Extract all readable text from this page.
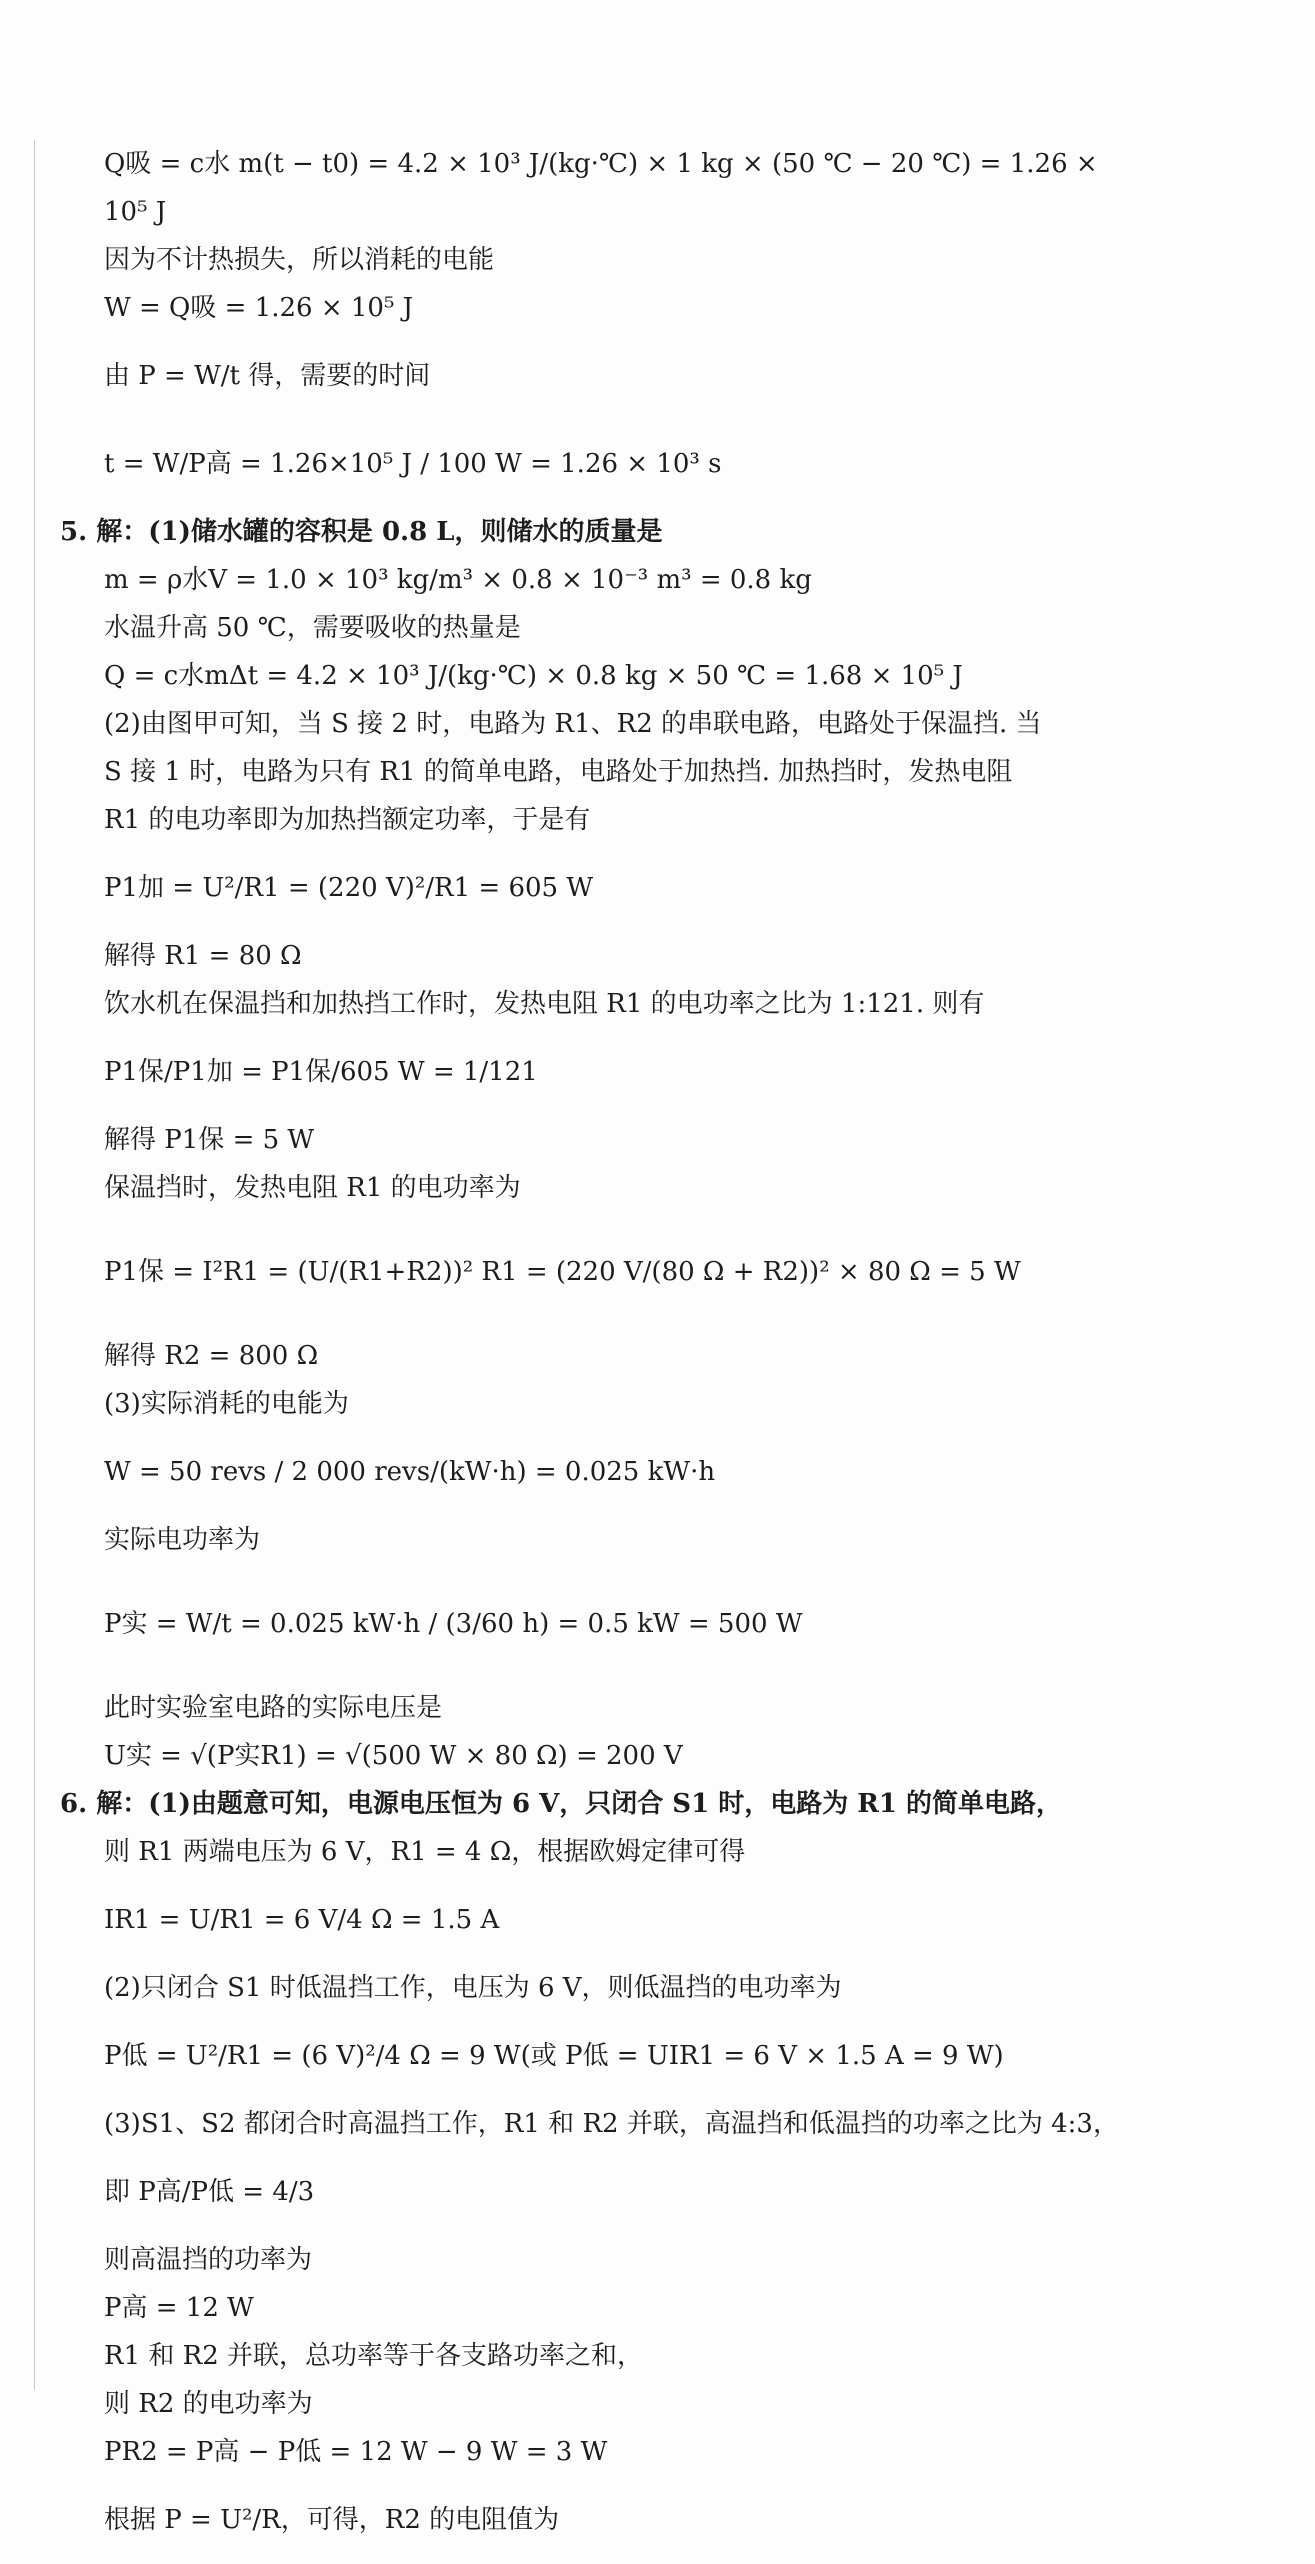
Q吸 = c水 m(t − t0) = 4.2 × 10³ J/(kg·℃) × 1 kg × (50 ℃ − 20 ℃) = 1.26 ×
10⁵ J
因为不计热损失，所以消耗的电能
W = Q吸 = 1.26 × 10⁵ J
由 P = W/t 得，需要的时间
t = W/P高 = 1.26×10⁵ J / 100 W = 1.26 × 10³ s
5. 解：(1)储水罐的容积是 0.8 L，则储水的质量是
m = ρ水V = 1.0 × 10³ kg/m³ × 0.8 × 10⁻³ m³ = 0.8 kg
水温升高 50 ℃，需要吸收的热量是
Q = c水mΔt = 4.2 × 10³ J/(kg·℃) × 0.8 kg × 50 ℃ = 1.68 × 10⁵ J
(2)由图甲可知，当 S 接 2 时，电路为 R1、R2 的串联电路，电路处于保温挡. 当
S 接 1 时，电路为只有 R1 的简单电路，电路处于加热挡. 加热挡时，发热电阻
R1 的电功率即为加热挡额定功率，于是有
P1加 = U²/R1 = (220 V)²/R1 = 605 W
解得 R1 = 80 Ω
饮水机在保温挡和加热挡工作时，发热电阻 R1 的电功率之比为 1:121. 则有
P1保/P1加 = P1保/605 W = 1/121
解得 P1保 = 5 W
保温挡时，发热电阻 R1 的电功率为
P1保 = I²R1 = (U/(R1+R2))² R1 = (220 V/(80 Ω + R2))² × 80 Ω = 5 W
解得 R2 = 800 Ω
(3)实际消耗的电能为
W = 50 revs / 2 000 revs/(kW·h) = 0.025 kW·h
实际电功率为
P实 = W/t = 0.025 kW·h / (3/60 h) = 0.5 kW = 500 W
此时实验室电路的实际电压是
U实 = √(P实R1) = √(500 W × 80 Ω) = 200 V
6. 解：(1)由题意可知，电源电压恒为 6 V，只闭合 S1 时，电路为 R1 的简单电路，
则 R1 两端电压为 6 V，R1 = 4 Ω，根据欧姆定律可得
IR1 = U/R1 = 6 V/4 Ω = 1.5 A
(2)只闭合 S1 时低温挡工作，电压为 6 V，则低温挡的电功率为
P低 = U²/R1 = (6 V)²/4 Ω = 9 W(或 P低 = UIR1 = 6 V × 1.5 A = 9 W)
(3)S1、S2 都闭合时高温挡工作，R1 和 R2 并联，高温挡和低温挡的功率之比为 4:3，
即 P高/P低 = 4/3
则高温挡的功率为
P高 = 12 W
R1 和 R2 并联，总功率等于各支路功率之和，
则 R2 的电功率为
PR2 = P高 − P低 = 12 W − 9 W = 3 W
根据 P = U²/R，可得，R2 的电阻值为
